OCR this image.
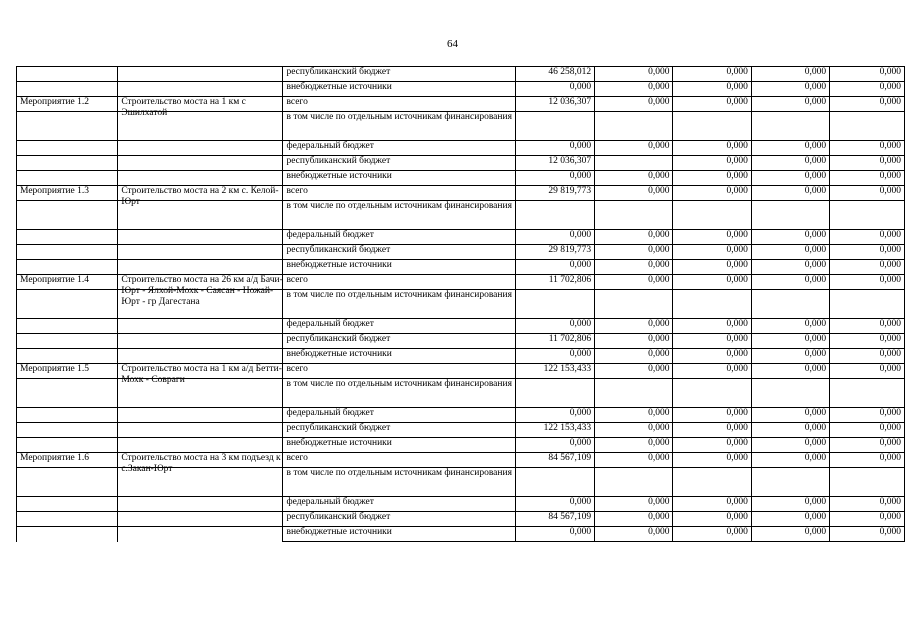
64
		республиканский бюджет	46 258,012	0,000	0,000	0,000	0,000
		внебюджетные источники	0,000	0,000	0,000	0,000	0,000

Мероприятие 1.2	Строительство моста на 1 км с Эшилхатой	всего	12 036,307	0,000	0,000	0,000	0,000
		в том числе по отдельным источникам финансирования					
		федеральный бюджет	0,000	0,000	0,000	0,000	0,000
		республиканский бюджет	12 036,307		0,000	0,000	0,000
		внебюджетные источники	0,000	0,000	0,000	0,000	0,000

Мероприятие 1.3	Строительство моста на 2 км с. Келой-Юрт	всего	29 819,773	0,000	0,000	0,000	0,000
		в том числе по отдельным источникам финансирования					
		федеральный бюджет	0,000	0,000	0,000	0,000	0,000
		республиканский бюджет	29 819,773	0,000	0,000	0,000	0,000
		внебюджетные источники	0,000	0,000	0,000	0,000	0,000

Мероприятие 1.4	Строительство моста на 26 км а/д Бачи-Юрт - Ялхой-Мохк - Саясан - Ножай-Юрт - гр Дагестана	всего	11 702,806	0,000	0,000	0,000	0,000
		в том числе по отдельным источникам финансирования					
		федеральный бюджет	0,000	0,000	0,000	0,000	0,000
		республиканский бюджет	11 702,806	0,000	0,000	0,000	0,000
		внебюджетные источники	0,000	0,000	0,000	0,000	0,000

Мероприятие 1.5	Строительство моста на 1 км а/д Бетти-Мохк - Совраги	всего	122 153,433	0,000	0,000	0,000	0,000
		в том числе по отдельным источникам финансирования					
		федеральный бюджет	0,000	0,000	0,000	0,000	0,000
		республиканский бюджет	122 153,433	0,000	0,000	0,000	0,000
		внебюджетные источники	0,000	0,000	0,000	0,000	0,000

Мероприятие 1.6	Строительство моста на 3 км подъезд к с.Закан-Юрт	всего	84 567,109	0,000	0,000	0,000	0,000
		в том числе по отдельным источникам финансирования					
		федеральный бюджет	0,000	0,000	0,000	0,000	0,000
		республиканский бюджет	84 567,109	0,000	0,000	0,000	0,000
		внебюджетные источники	0,000	0,000	0,000	0,000	0,000
